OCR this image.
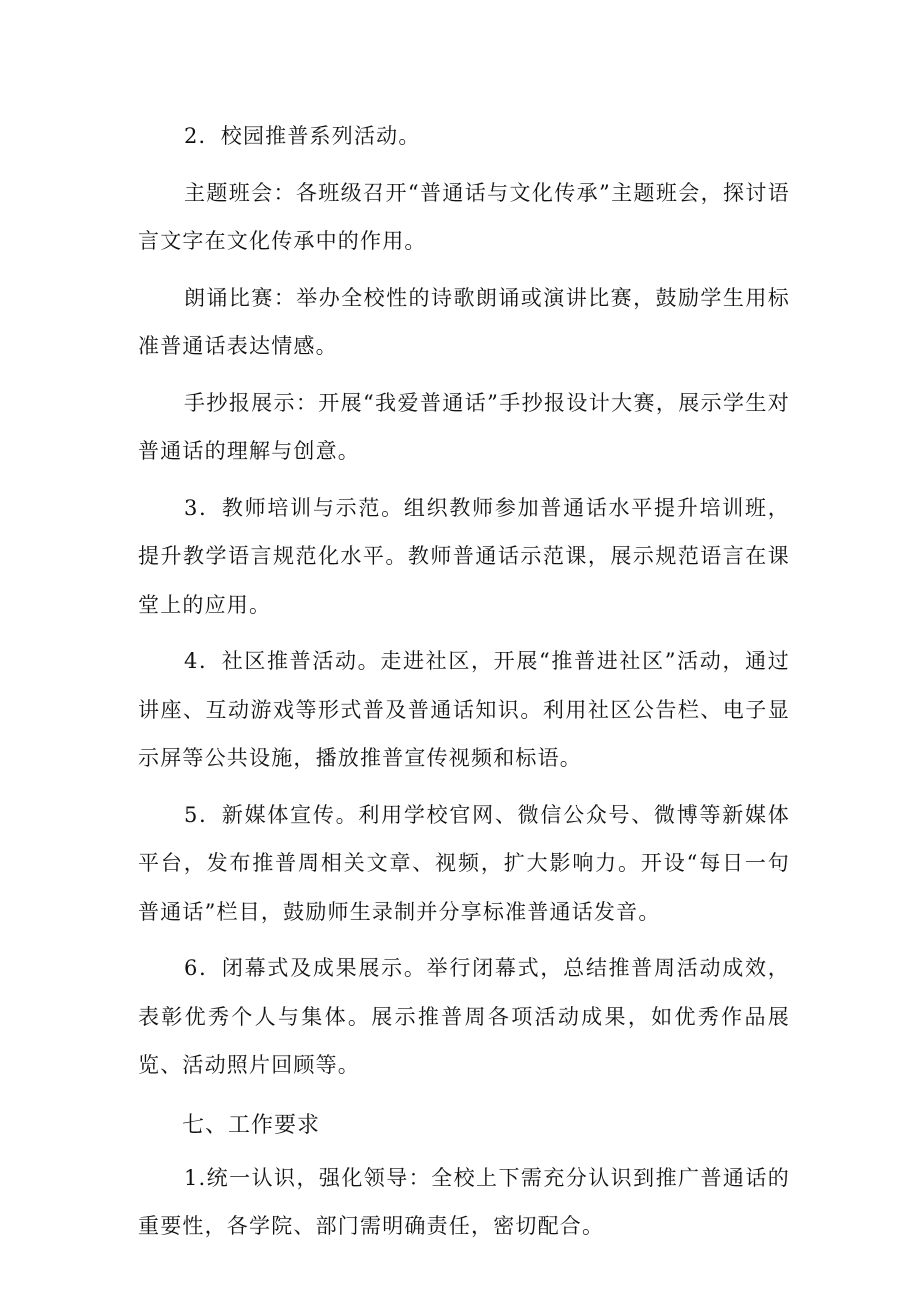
2．校园推普系列活动。

主题班会：各班级召开“普通话与文化传承”主题班会，探讨语言文字在文化传承中的作用。

朗诵比赛：举办全校性的诗歌朗诵或演讲比赛，鼓励学生用标准普通话表达情感。

手抄报展示：开展“我爱普通话”手抄报设计大赛，展示学生对普通话的理解与创意。

3．教师培训与示范。组织教师参加普通话水平提升培训班，提升教学语言规范化水平。教师普通话示范课，展示规范语言在课堂上的应用。

4．社区推普活动。走进社区，开展“推普进社区”活动，通过讲座、互动游戏等形式普及普通话知识。利用社区公告栏、电子显示屏等公共设施，播放推普宣传视频和标语。

5．新媒体宣传。利用学校官网、微信公众号、微博等新媒体平台，发布推普周相关文章、视频，扩大影响力。开设“每日一句普通话”栏目，鼓励师生录制并分享标准普通话发音。

6．闭幕式及成果展示。举行闭幕式，总结推普周活动成效，表彰优秀个人与集体。展示推普周各项活动成果，如优秀作品展览、活动照片回顾等。

七、工作要求

1.统一认识，强化领导：全校上下需充分认识到推广普通话的重要性，各学院、部门需明确责任，密切配合。
